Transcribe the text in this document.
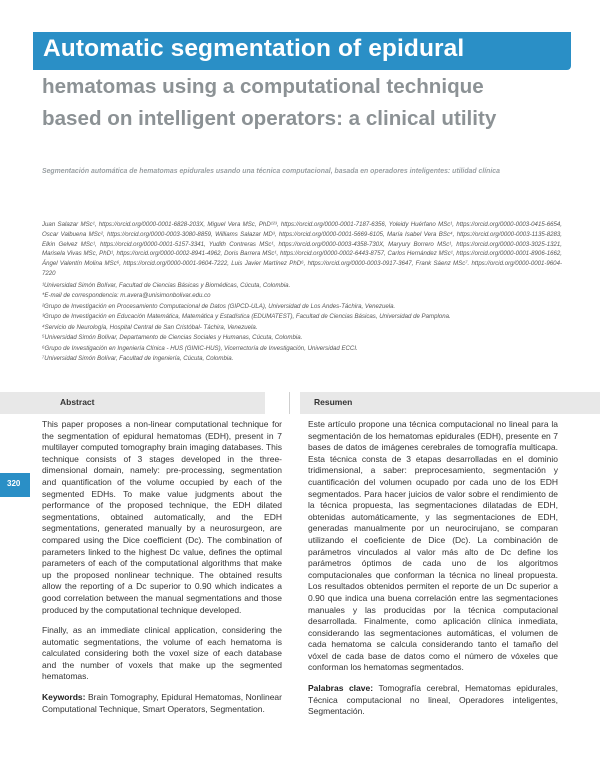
Automatic segmentation of epidural
hematomas using a computational technique
based on intelligent operators: a clinical utility
Segmentación automática de hematomas epidurales usando una técnica computacional, basada en operadores inteligentes: utilidad clínica
Juan Salazar MSc¹, https://orcid.org/0000-0001-6828-203X, Miguel Vera MSc, PhD¹²³, https://orcid.org/0000-0001-7187-6356, Yoleidy Huérfano MSc¹, https://orcid.org/0000-0003-0415-6654, Oscar Valbuena MSc², https://orcid.org/0000-0003-3080-8859, Williams Salazar MD³, https://orcid.org/0000-0001-5669-6105, María Isabel Vera BSc⁴, https://orcid.org/0000-0003-1135-8283, Elkin Gelvez MSc¹, https://orcid.org/0000-0001-5157-3341, Yudith Contreras MSc¹, https://orcid.org/0000-0003-4358-730X, Maryury Borrero MSc¹, https://orcid.org/0000-0003-3025-1321, Marisela Vivas MSc, PhD¹, https://orcid.org/0000-0002-8941-4962, Doris Barrera MSc¹, https://orcid.org/0000-0002-6443-8757, Carlos Hernández MSc¹, https://orcid.org/0000-0001-8906-1662, Ángel Valentín Molina MSc⁶, https://orcid.org/0000-0001-9604-7222, Luis Javier Martínez PhD⁶, https://orcid.org/0000-0003-0917-3647, Frank Sáenz MSc⁷. https://orcid.org/0000-0001-9604-7220
¹Universidad Simón Bolívar, Facultad de Ciencias Básicas y Biomédicas, Cúcuta, Colombia.
*E-mail de correspondencia: m.avera@unisimonbolivar.edu.co
²Grupo de Investigación en Procesamiento Computacional de Datos (GIPCD-ULA), Universidad de Los Andes-Táchira, Venezuela.
³Grupo de Investigación en Educación Matemática, Matemática y Estadística (EDUMATEST), Facultad de Ciencias Básicas, Universidad de Pamplona.
⁴Servicio de Neurología, Hospital Central de San Cristóbal- Táchira, Venezuela.
⁵Universidad Simón Bolívar, Departamento de Ciencias Sociales y Humanas, Cúcuta, Colombia.
⁶Grupo de Investigación en Ingeniería Clínica - HUS (GINIC-HUS), Vicerrectoría de Investigación, Universidad ECCI.
⁷Universidad Simón Bolívar, Facultad de Ingeniería, Cúcuta, Colombia.
Abstract	Resumen
320

This paper proposes a non-linear computational technique for the segmentation of epidural hematomas (EDH), present in 7 multilayer computed tomography brain imaging databases. This technique consists of 3 stages developed in the three-dimensional domain, namely: pre-processing, segmentation and quantification of the volume occupied by each of the segmented EDHs. To make value judgments about the performance of the proposed technique, the EDH dilated segmentations, obtained automatically, and the EDH segmentations, generated manually by a neurosurgeon, are compared using the Dice coefficient (Dc). The combination of parameters linked to the highest Dc value, defines the optimal parameters of each of the computational algorithms that make up the proposed nonlinear technique. The obtained results allow the reporting of a Dc superior to 0.90 which indicates a good correlation between the manual segmentations and those produced by the computational technique developed.

Finally, as an immediate clinical application, considering the automatic segmentations, the volume of each hematoma is calculated considering both the voxel size of each database and the number of voxels that make up the segmented hematomas.

Keywords: Brain Tomography, Epidural Hematomas, Nonlinear Computational Technique, Smart Operators, Segmentation.

Este artículo propone una técnica computacional no lineal para la segmentación de los hematomas epidurales (EDH), presente en 7 bases de datos de imágenes cerebrales de tomografía multicapa. Esta técnica consta de 3 etapas desarrolladas en el dominio tridimensional, a saber: preprocesamiento, segmentación y cuantificación del volumen ocupado por cada uno de los EDH segmentados. Para hacer juicios de valor sobre el rendimiento de la técnica propuesta, las segmentaciones dilatadas de EDH, obtenidas automáticamente, y las segmentaciones de EDH, generadas manualmente por un neurocirujano, se comparan utilizando el coeficiente de Dice (Dc). La combinación de parámetros vinculados al valor más alto de Dc define los parámetros óptimos de cada uno de los algoritmos computacionales que conforman la técnica no lineal propuesta. Los resultados obtenidos permiten el reporte de un Dc superior a 0.90 que indica una buena correlación entre las segmentaciones manuales y las producidas por la técnica computacional desarrollada. Finalmente, como aplicación clínica inmediata, considerando las segmentaciones automáticas, el volumen de cada hematoma se calcula considerando tanto el tamaño del vóxel de cada base de datos como el número de vóxeles que conforman los hematomas segmentados.

Palabras clave: Tomografía cerebral, Hematomas epidurales, Técnica computacional no lineal, Operadores inteligentes, Segmentación.
